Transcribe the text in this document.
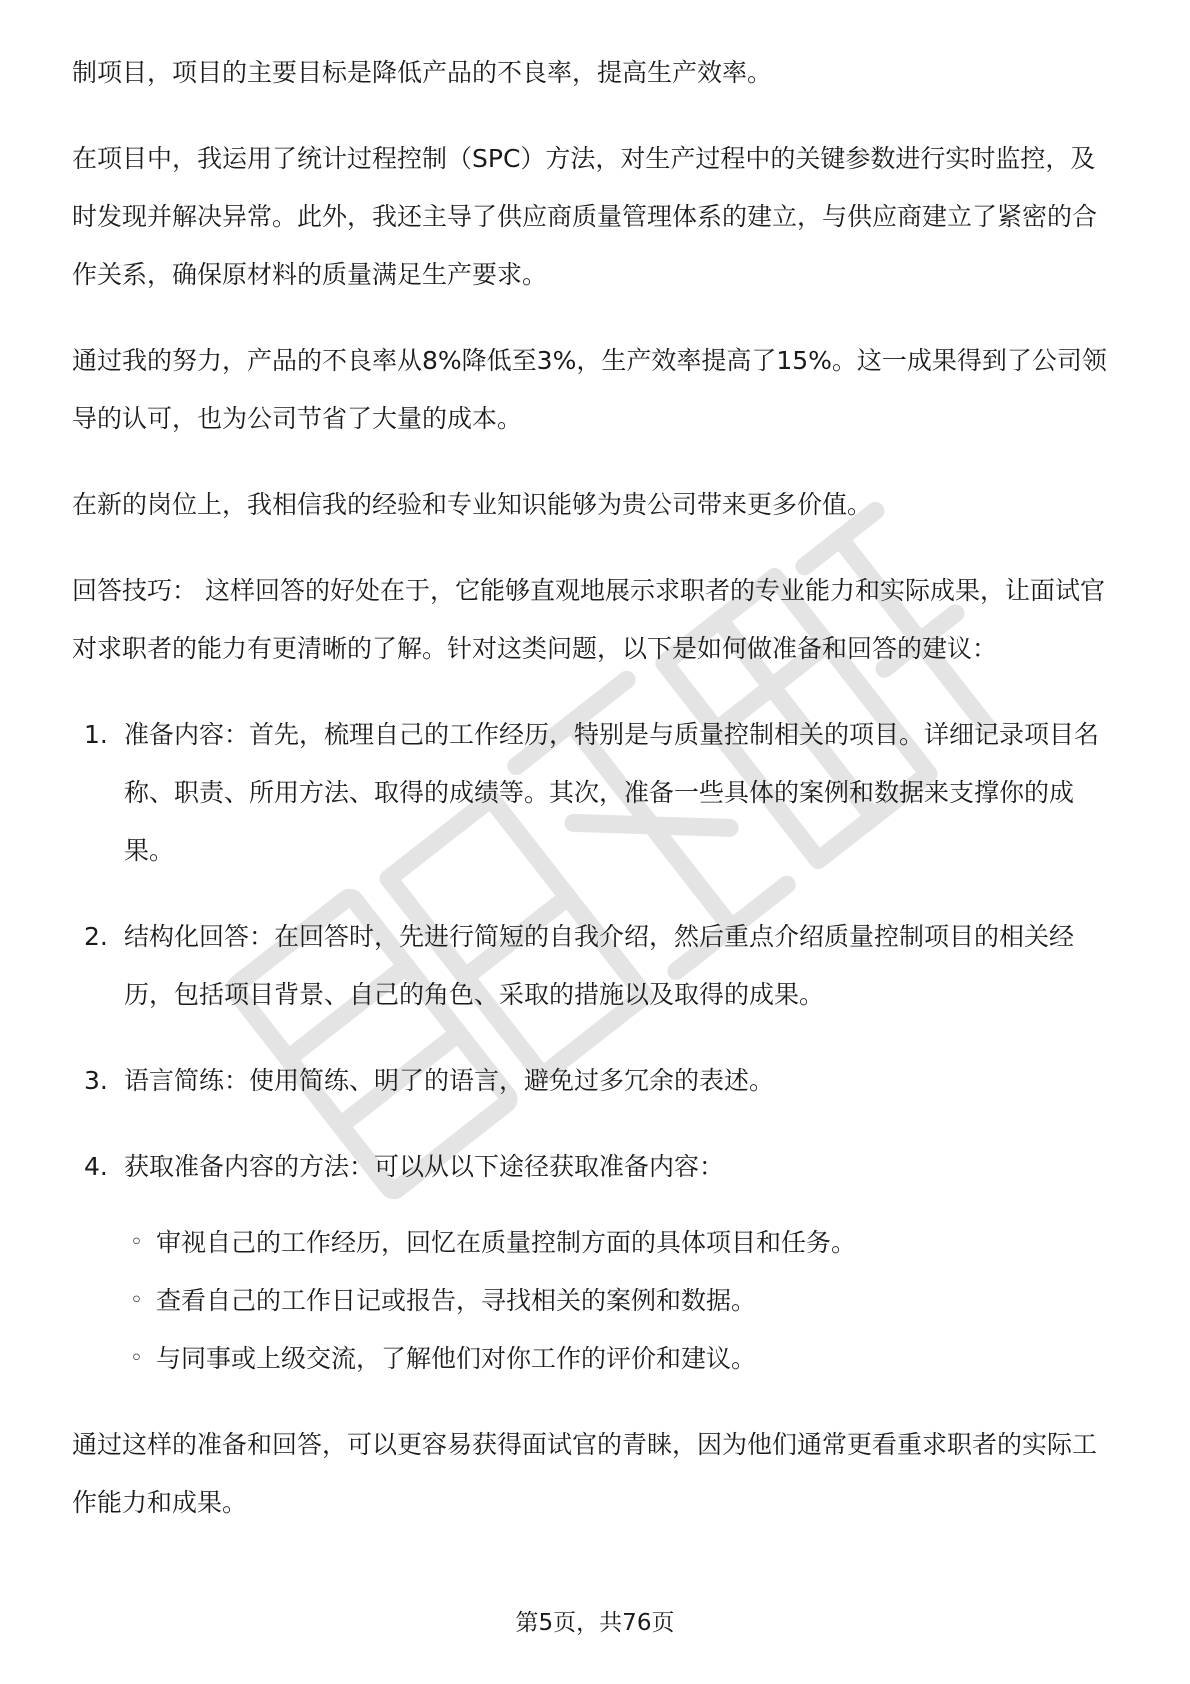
制项目，项目的主要目标是降低产品的不良率，提高生产效率。

在项目中，我运用了统计过程控制（SPC）方法，对生产过程中的关键参数进行实时监控，及时发现并解决异常。此外，我还主导了供应商质量管理体系的建立，与供应商建立了紧密的合作关系，确保原材料的质量满足生产要求。

通过我的努力，产品的不良率从8%降低至3%，生产效率提高了15%。这一成果得到了公司领导的认可，也为公司节省了大量的成本。

在新的岗位上，我相信我的经验和专业知识能够为贵公司带来更多价值。

回答技巧： 这样回答的好处在于，它能够直观地展示求职者的专业能力和实际成果，让面试官对求职者的能力有更清晰的了解。针对这类问题，以下是如何做准备和回答的建议：

1. 准备内容：首先，梳理自己的工作经历，特别是与质量控制相关的项目。详细记录项目名称、职责、所用方法、取得的成绩等。其次，准备一些具体的案例和数据来支撑你的成果。
2. 结构化回答：在回答时，先进行简短的自我介绍，然后重点介绍质量控制项目的相关经历，包括项目背景、自己的角色、采取的措施以及取得的成果。
3. 语言简练：使用简练、明了的语言，避免过多冗余的表述。
4. 获取准备内容的方法：可以从以下途径获取准备内容：
◦ 审视自己的工作经历，回忆在质量控制方面的具体项目和任务。
◦ 查看自己的工作日记或报告，寻找相关的案例和数据。
◦ 与同事或上级交流，了解他们对你工作的评价和建议。

通过这样的准备和回答，可以更容易获得面试官的青睐，因为他们通常更看重求职者的实际工作能力和成果。

第5页，共76页
